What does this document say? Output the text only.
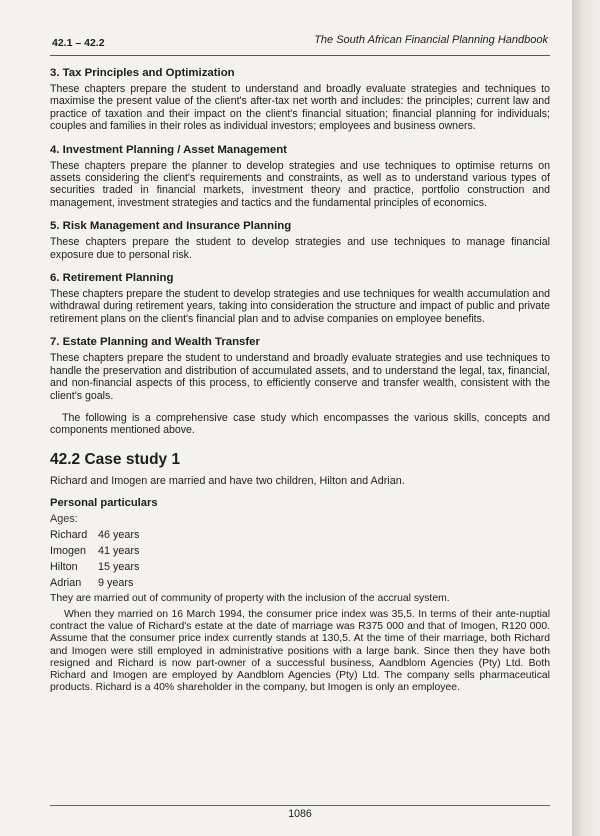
42.1 – 42.2	The South African Financial Planning Handbook
3. Tax Principles and Optimization
These chapters prepare the student to understand and broadly evaluate strategies and techniques to maximise the present value of the client's after-tax net worth and includes: the principles; current law and practice of taxation and their impact on the client's financial situation; financial planning for individuals; couples and families in their roles as individual investors; employees and business owners.
4. Investment Planning / Asset Management
These chapters prepare the planner to develop strategies and use techniques to optimise returns on assets considering the client's requirements and constraints, as well as to understand various types of securities traded in financial markets, investment theory and practice, portfolio construction and management, investment strategies and tactics and the fundamental principles of economics.
5. Risk Management and Insurance Planning
These chapters prepare the student to develop strategies and use techniques to manage financial exposure due to personal risk.
6. Retirement Planning
These chapters prepare the student to develop strategies and use techniques for wealth accumulation and withdrawal during retirement years, taking into consideration the structure and impact of public and private retirement plans on the client's financial plan and to advise companies on employee benefits.
7. Estate Planning and Wealth Transfer
These chapters prepare the student to understand and broadly evaluate strategies and use techniques to handle the preservation and distribution of accumulated assets, and to understand the legal, tax, financial, and non-financial aspects of this process, to efficiently conserve and transfer wealth, consistent with the client's goals.
The following is a comprehensive case study which encompasses the various skills, concepts and components mentioned above.
42.2 Case study 1
Richard and Imogen are married and have two children, Hilton and Adrian.
Personal particulars
Ages:
Richard 46 years
Imogen 41 years
Hilton 15 years
Adrian 9 years
They are married out of community of property with the inclusion of the accrual system.
When they married on 16 March 1994, the consumer price index was 35,5. In terms of their ante-nuptial contract the value of Richard's estate at the date of marriage was R375 000 and that of Imogen, R120 000. Assume that the consumer price index currently stands at 130,5. At the time of their marriage, both Richard and Imogen were still employed in administrative positions with a large bank. Since then they have both resigned and Richard is now part-owner of a successful business, Aandblom Agencies (Pty) Ltd. Both Richard and Imogen are employed by Aandblom Agencies (Pty) Ltd. The company sells pharmaceutical products. Richard is a 40% shareholder in the company, but Imogen is only an employee.
1086
